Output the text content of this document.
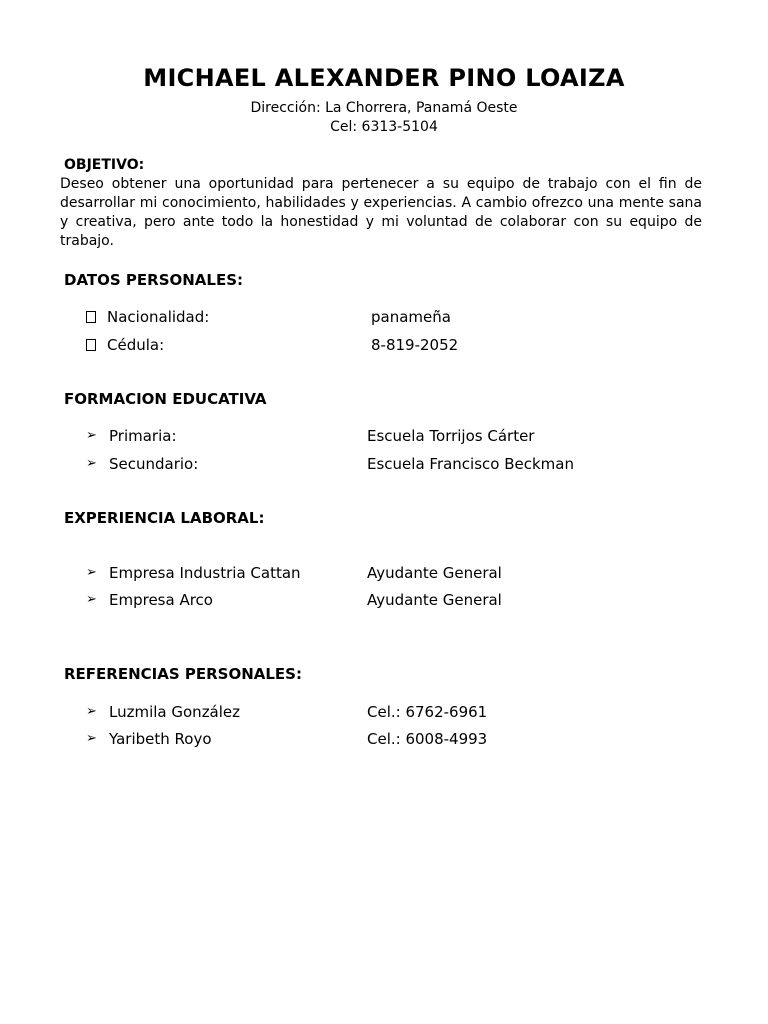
MICHAEL ALEXANDER PINO LOAIZA
Dirección: La Chorrera, Panamá Oeste
Cel: 6313-5104
OBJETIVO:
Deseo obtener una oportunidad para pertenecer a su equipo de trabajo con el fin de desarrollar mi conocimiento, habilidades y experiencias. A cambio ofrezco una mente sana y creativa, pero ante todo la honestidad y mi voluntad de colaborar con su equipo de trabajo.
DATOS PERSONALES:
Nacionalidad:	panameña
Cédula:	8-819-2052
FORMACION EDUCATIVA
➢ Primaria:	Escuela Torrijos Cárter
➢ Secundario:	Escuela Francisco Beckman
EXPERIENCIA LABORAL:
➢ Empresa Industria Cattan	Ayudante General
➢ Empresa Arco	Ayudante General
REFERENCIAS PERSONALES:
➢ Luzmila González	Cel.: 6762-6961
➢ Yaribeth Royo	Cel.: 6008-4993
